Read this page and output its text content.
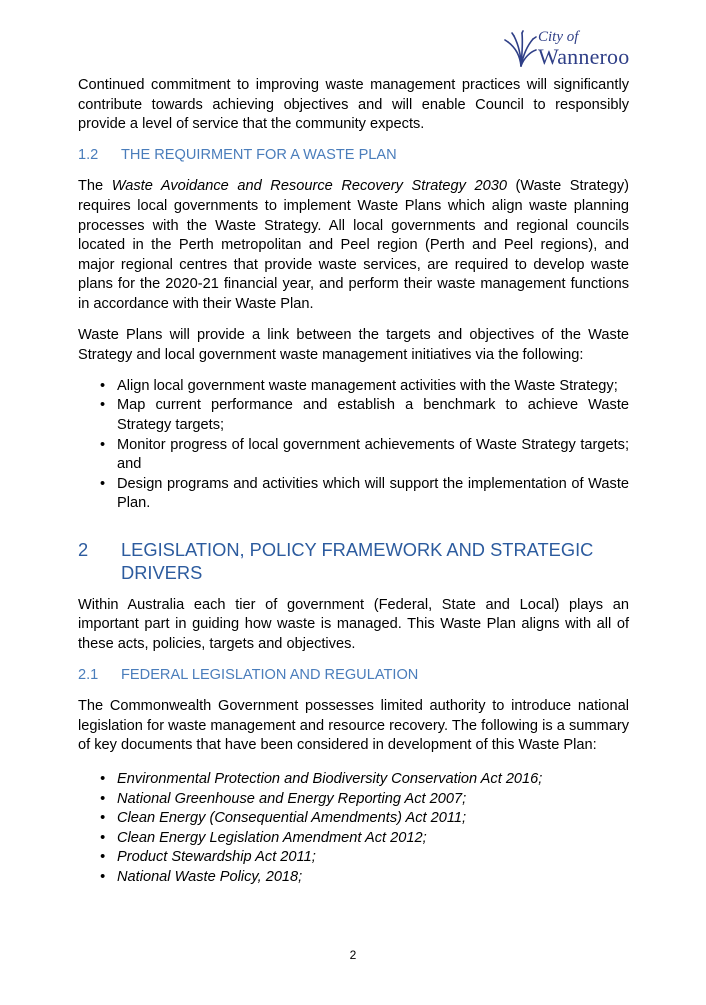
City of
Wanneroo

Continued commitment to improving waste management practices will significantly contribute towards achieving objectives and will enable Council to responsibly provide a level of service that the community expects.

1.2	THE REQUIRMENT FOR A WASTE PLAN

The Waste Avoidance and Resource Recovery Strategy 2030 (Waste Strategy) requires local governments to implement Waste Plans which align waste planning processes with the Waste Strategy. All local governments and regional councils located in the Perth metropolitan and Peel region (Perth and Peel regions), and major regional centres that provide waste services, are required to develop waste plans for the 2020-21 financial year, and perform their waste management functions in accordance with their Waste Plan.

Waste Plans will provide a link between the targets and objectives of the Waste Strategy and local government waste management initiatives via the following:

• Align local government waste management activities with the Waste Strategy;
• Map current performance and establish a benchmark to achieve Waste Strategy targets;
• Monitor progress of local government achievements of Waste Strategy targets; and
• Design programs and activities which will support the implementation of Waste Plan.
2	LEGISLATION, POLICY FRAMEWORK AND STRATEGIC DRIVERS

Within Australia each tier of government (Federal, State and Local) plays an important part in guiding how waste is managed. This Waste Plan aligns with all of these acts, policies, targets and objectives.

2.1	FEDERAL LEGISLATION AND REGULATION

The Commonwealth Government possesses limited authority to introduce national legislation for waste management and resource recovery. The following is a summary of key documents that have been considered in development of this Waste Plan:

• Environmental Protection and Biodiversity Conservation Act 2016;
• National Greenhouse and Energy Reporting Act 2007;
• Clean Energy (Consequential Amendments) Act 2011;
• Clean Energy Legislation Amendment Act 2012;
• Product Stewardship Act 2011;
• National Waste Policy, 2018;
2
